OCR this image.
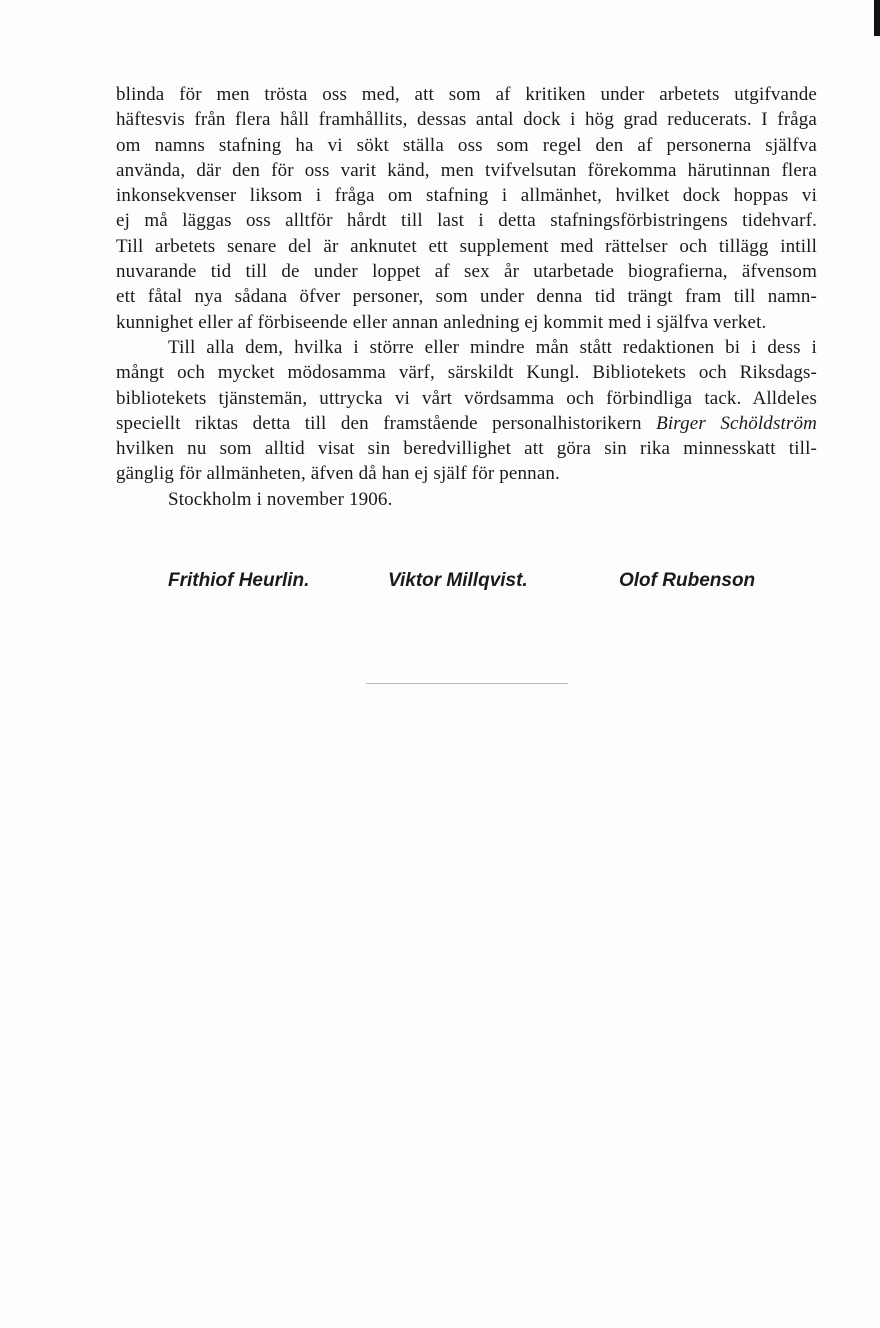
blinda för men trösta oss med, att som af kritiken under arbetets utgifvande
häftesvis från flera håll framhållits, dessas antal dock i hög grad reducerats. I fråga
om namns stafning ha vi sökt ställa oss som regel den af personerna själfva
använda, där den för oss varit känd, men tvifvelsutan förekomma härutinnan flera
inkonsekvenser liksom i fråga om stafning i allmänhet, hvilket dock hoppas vi
ej må läggas oss alltför hårdt till last i detta stafningsförbistringens tidehvarf.
Till arbetets senare del är anknutet ett supplement med rättelser och tillägg intill
nuvarande tid till de under loppet af sex år utarbetade biografierna, äfvensom
ett fåtal nya sådana öfver personer, som under denna tid trängt fram till namn-
kunnighet eller af förbiseende eller annan anledning ej kommit med i själfva verket.
Till alla dem, hvilka i större eller mindre mån stått redaktionen bi i dess i
mångt och mycket mödosamma värf, särskildt Kungl. Bibliotekets och Riksdags-
bibliotekets tjänstemän, uttrycka vi vårt vördsamma och förbindliga tack. Alldeles
speciellt riktas detta till den framstående personalhistorikern Birger Schöldström
hvilken nu som alltid visat sin beredvillighet att göra sin rika minnesskatt till-
gänglig för allmänheten, äfven då han ej själf för pennan.
Stockholm i november 1906.
Frithiof Heurlin.	Viktor Millqvist.	Olof Rubenson
